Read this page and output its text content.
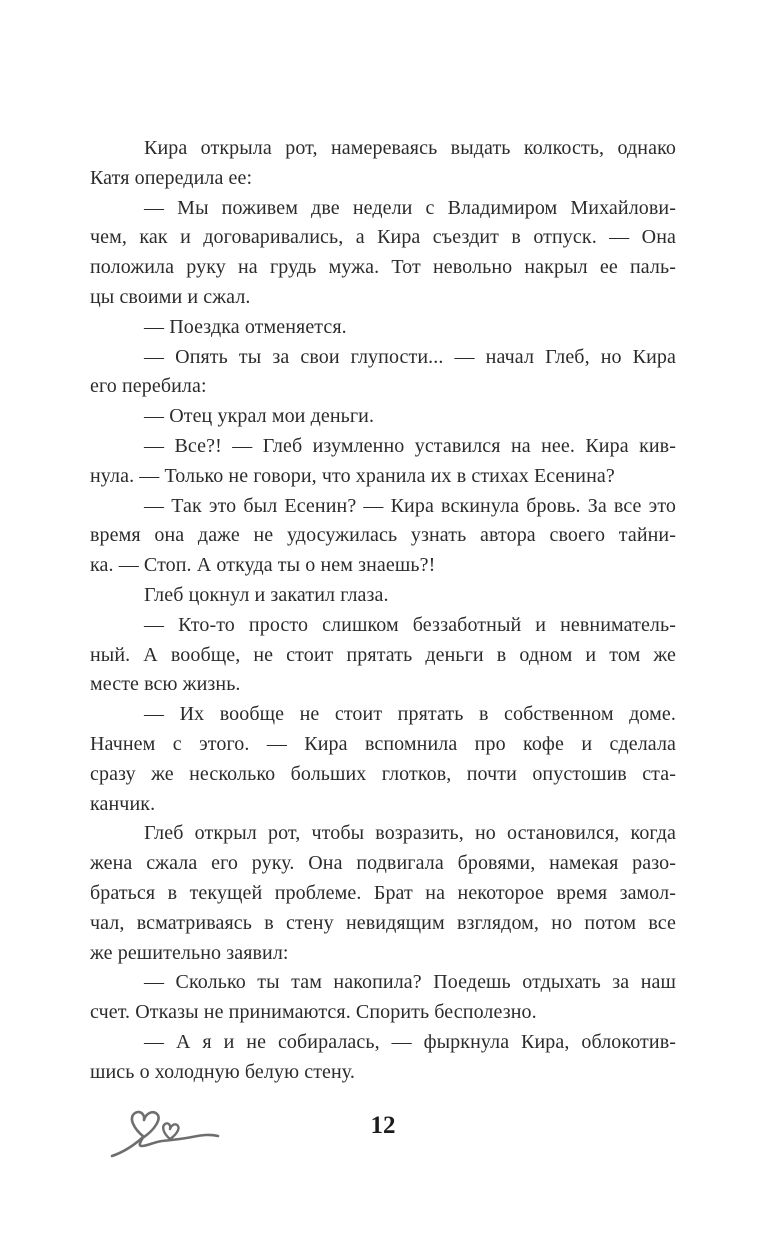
Кира открыла рот, намереваясь выдать колкость, однако
Катя опередила ее:

— Мы поживем две недели с Владимиром Михайлови-
чем, как и договаривались, а Кира съездит в отпуск. — Она
положила руку на грудь мужа. Тот невольно накрыл ее паль-
цы своими и сжал.

— Поездка отменяется.

— Опять ты за свои глупости... — начал Глеб, но Кира
его перебила:

— Отец украл мои деньги.

— Все?! — Глеб изумленно уставился на нее. Кира кив-
нула. — Только не говори, что хранила их в стихах Есенина?

— Так это был Есенин? — Кира вскинула бровь. За все это
время она даже не удосужилась узнать автора своего тайни-
ка. — Стоп. А откуда ты о нем знаешь?!

Глеб цокнул и закатил глаза.

— Кто-то просто слишком беззаботный и невниматель-
ный. А вообще, не стоит прятать деньги в одном и том же
месте всю жизнь.

— Их вообще не стоит прятать в собственном доме.
Начнем с этого. — Кира вспомнила про кофе и сделала
сразу же несколько больших глотков, почти опустошив ста-
канчик.

Глеб открыл рот, чтобы возразить, но остановился, когда
жена сжала его руку. Она подвигала бровями, намекая разо-
браться в текущей проблеме. Брат на некоторое время замол-
чал, всматриваясь в стену невидящим взглядом, но потом все
же решительно заявил:

— Сколько ты там накопила? Поедешь отдыхать за наш
счет. Отказы не принимаются. Спорить бесполезно.

— А я и не собиралась, — фыркнула Кира, облокотив-
шись о холодную белую стену.

12
